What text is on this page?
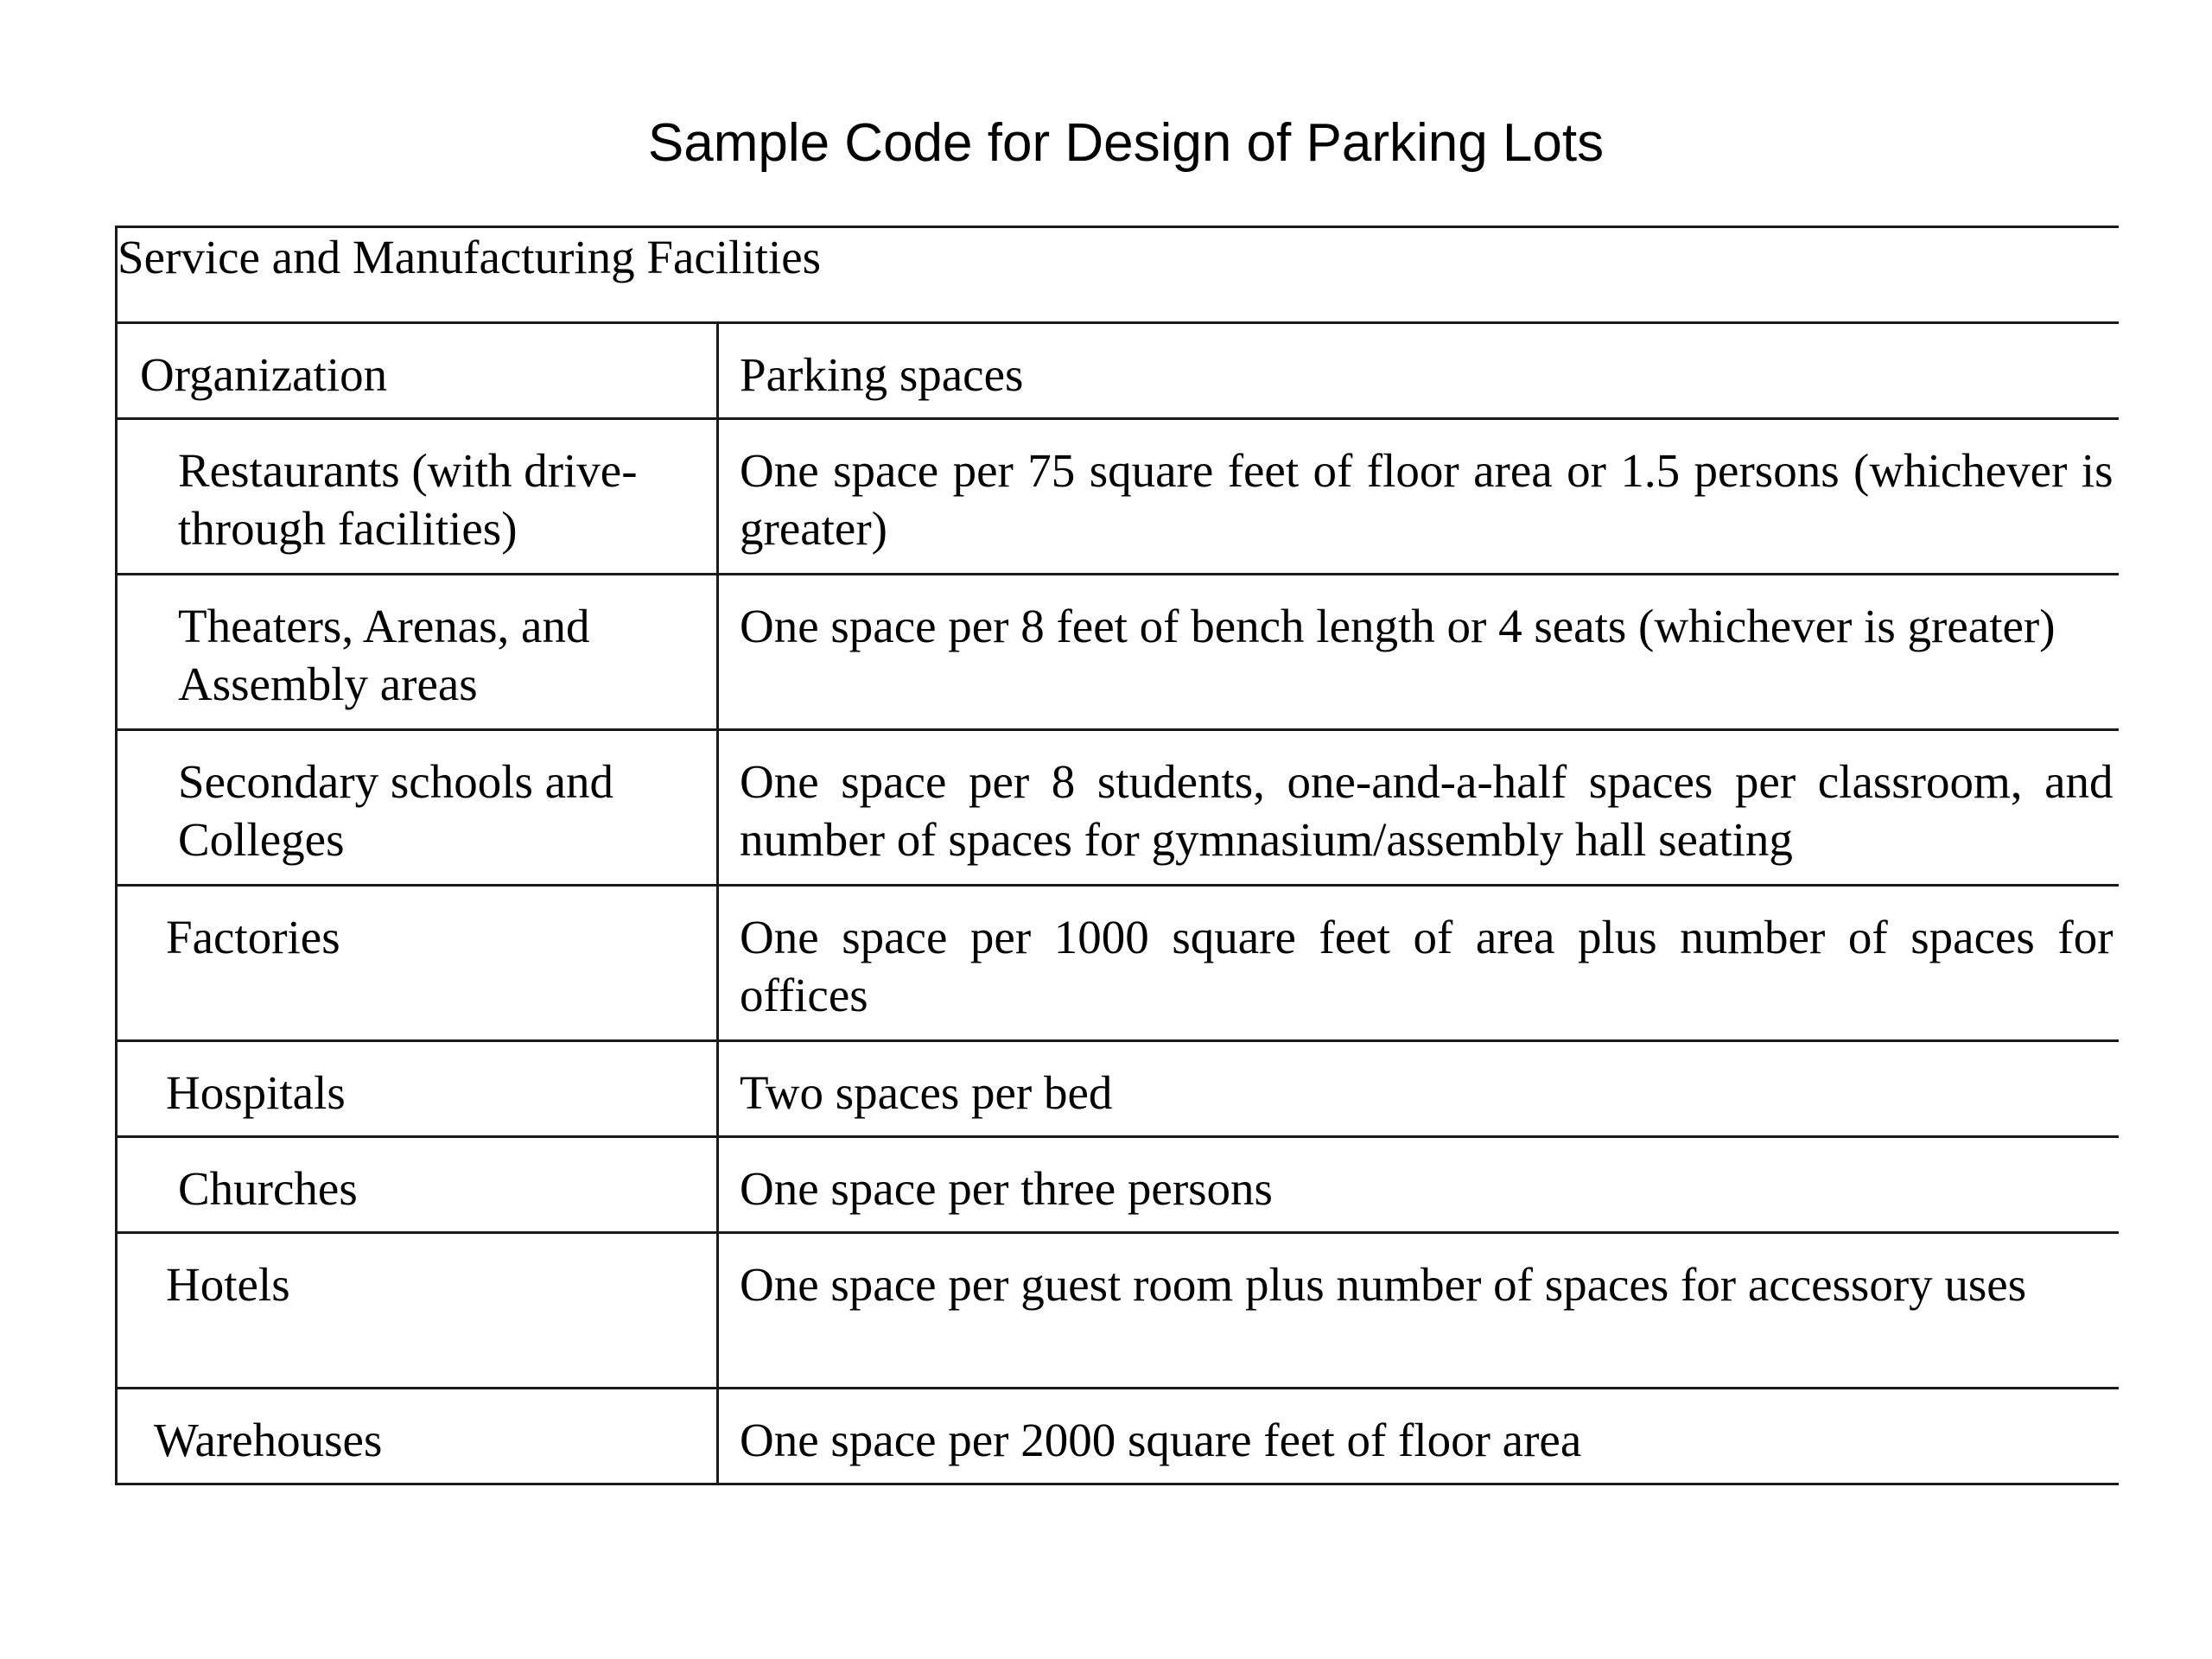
Sample Code for Design of Parking Lots
Service and Manufacturing Facilities	

Organization	Parking spaces

Restaurants (with drive-through facilities)	One space per 75 square feet of floor area or 1.5 persons (whichever is greater)

Theaters, Arenas, and Assembly areas	One space per 8 feet of bench length or 4 seats (whichever is greater)

Secondary schools and Colleges	One space per 8 students, one-and-a-half spaces per classroom, and number of spaces for gymnasium/assembly hall seating

Factories	One space per 1000 square feet of area plus number of spaces for offices

Hospitals	Two spaces per bed

Churches	One space per three persons

Hotels	One space per guest room plus number of spaces for accessory uses

Warehouses	One space per 2000 square feet of floor area
